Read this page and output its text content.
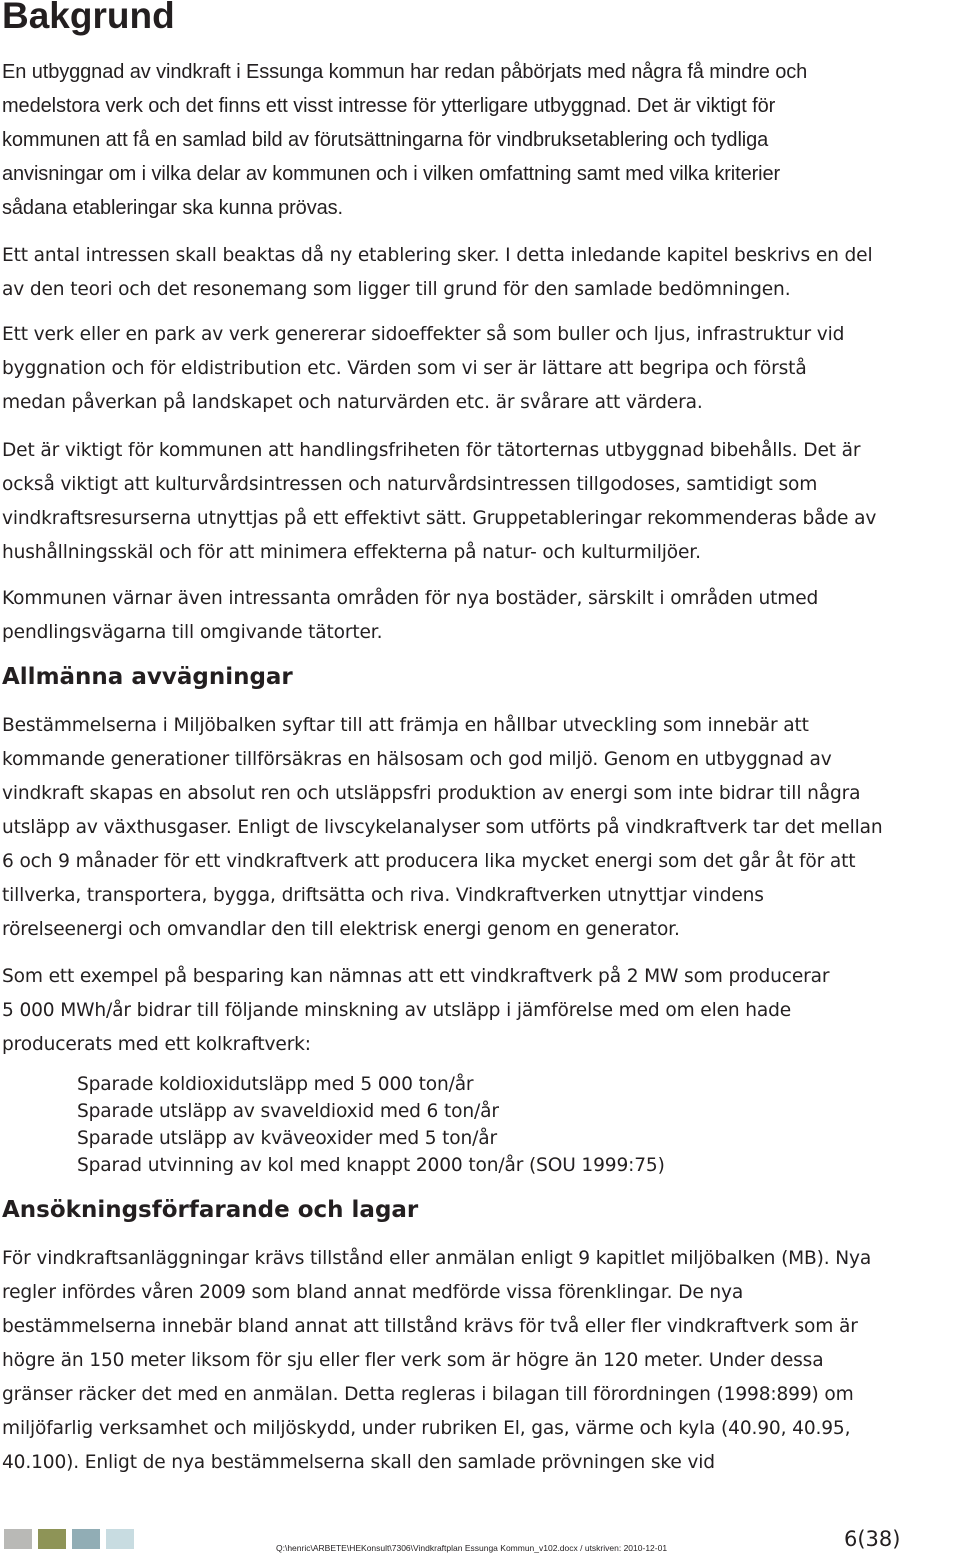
Bakgrund

En utbyggnad av vindkraft i Essunga kommun har redan påbörjats med några få mindre och
medelstora verk och det finns ett visst intresse för ytterligare utbyggnad. Det är viktigt för
kommunen att få en samlad bild av förutsättningarna för vindbruksetablering och tydliga
anvisningar om i vilka delar av kommunen och i vilken omfattning samt med vilka kriterier
sådana etableringar ska kunna prövas.

Ett antal intressen skall beaktas då ny etablering sker. I detta inledande kapitel beskrivs en del
av den teori och det resonemang som ligger till grund för den samlade bedömningen.

Ett verk eller en park av verk genererar sidoeffekter så som buller och ljus, infrastruktur vid
byggnation och för eldistribution etc. Värden som vi ser är lättare att begripa och förstå
medan påverkan på landskapet och naturvärden etc. är svårare att värdera.

Det är viktigt för kommunen att handlingsfriheten för tätorternas utbyggnad bibehålls. Det är
också viktigt att kulturvårdsintressen och naturvårdsintressen tillgodoses, samtidigt som
vindkraftsresurserna utnyttjas på ett effektivt sätt. Gruppetableringar rekommenderas både av
hushållningsskäl och för att minimera effekterna på natur- och kulturmiljöer.

Kommunen värnar även intressanta områden för nya bostäder, särskilt i områden utmed
pendlingsvägarna till omgivande tätorter.

Allmänna avvägningar

Bestämmelserna i Miljöbalken syftar till att främja en hållbar utveckling som innebär att
kommande generationer tillförsäkras en hälsosam och god miljö. Genom en utbyggnad av
vindkraft skapas en absolut ren och utsläppsfri produktion av energi som inte bidrar till några
utsläpp av växthusgaser. Enligt de livscykelanalyser som utförts på vindkraftverk tar det mellan
6 och 9 månader för ett vindkraftverk att producera lika mycket energi som det går åt för att
tillverka, transportera, bygga, driftsätta och riva. Vindkraftverken utnyttjar vindens
rörelseenergi och omvandlar den till elektrisk energi genom en generator.

Som ett exempel på besparing kan nämnas att ett vindkraftverk på 2 MW som producerar
5 000 MWh/år bidrar till följande minskning av utsläpp i jämförelse med om elen hade
producerats med ett kolkraftverk:

Sparade koldioxidutsläpp med 5 000 ton/år
Sparade utsläpp av svaveldioxid med 6 ton/år
Sparade utsläpp av kväveoxider med 5 ton/år
Sparad utvinning av kol med knappt 2000 ton/år (SOU 1999:75)
Ansökningsförfarande och lagar

För vindkraftsanläggningar krävs tillstånd eller anmälan enligt 9 kapitlet miljöbalken (MB). Nya
regler infördes våren 2009 som bland annat medförde vissa förenklingar. De nya
bestämmelserna innebär bland annat att tillstånd krävs för två eller fler vindkraftverk som är
högre än 150 meter liksom för sju eller fler verk som är högre än 120 meter. Under dessa
gränser räcker det med en anmälan. Detta regleras i bilagan till förordningen (1998:899) om
miljöfarlig verksamhet och miljöskydd, under rubriken El, gas, värme och kyla (40.90, 40.95,
40.100). Enligt de nya bestämmelserna skall den samlade prövningen ske vid

Q:\henric\ARBETE\HEKonsult\7306\Vindkraftplan Essunga Kommun_v102.docx / utskriven: 2010-12-01	6(38)
